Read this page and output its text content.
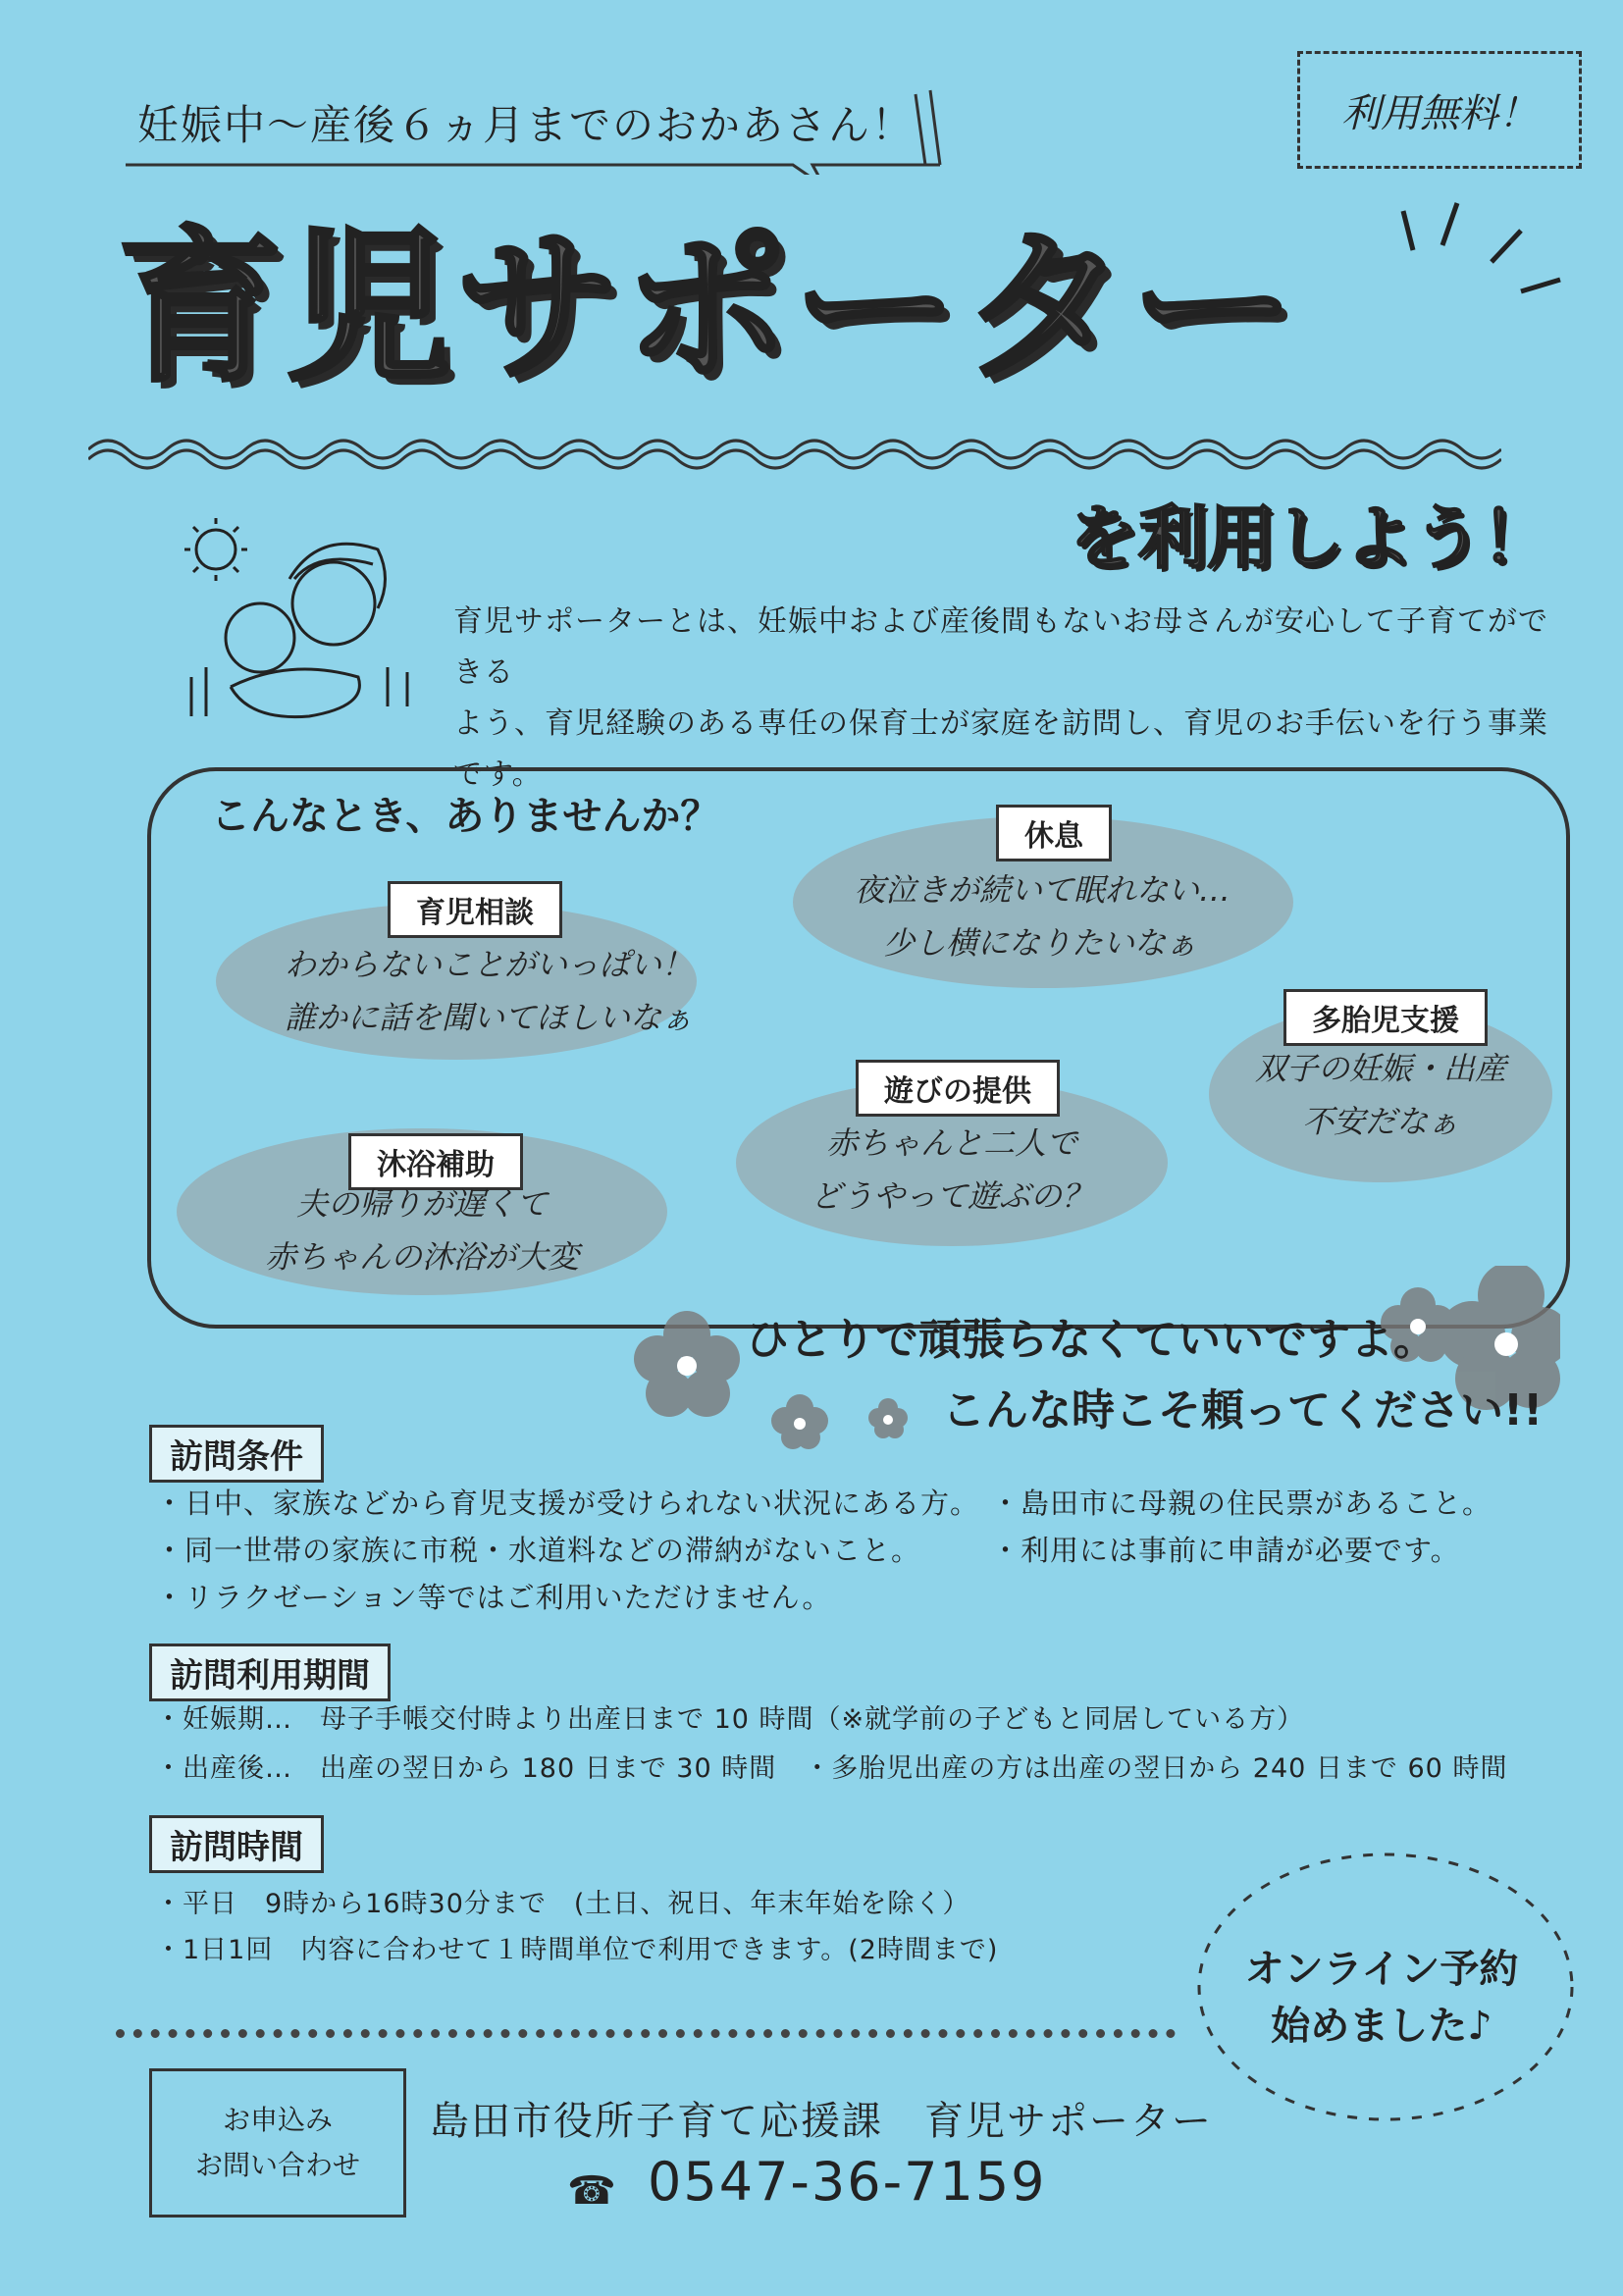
妊娠中〜産後６ヵ月までのおかあさん！	利用無料！
育児サポーター
を利用しよう！
育児サポーターとは、妊娠中および産後間もないお母さんが安心して子育てができる
よう、育児経験のある専任の保育士が家庭を訪問し、育児のお手伝いを行う事業です。
こんなとき、ありませんか？
育児相談
休息
多胎児支援
遊びの提供
沐浴補助
わからないことがいっぱい！
誰かに話を聞いてほしいなぁ
夜泣きが続いて眠れない…
少し横になりたいなぁ
双子の妊娠・出産
不安だなぁ
赤ちゃんと二人で
どうやって遊ぶの？
夫の帰りが遅くて
赤ちゃんの沐浴が大変
ひとりで頑張らなくていいですよ。
こんな時こそ頼ってください!!
訪問条件
・日中、家族などから育児支援が受けられない状況にある方。 ・島田市に母親の住民票があること。
・同一世帯の家族に市税・水道料などの滞納がないこと。 ・利用には事前に申請が必要です。
・リラクゼーション等ではご利用いただけません。
訪問利用期間
・妊娠期…　母子手帳交付時より出産日まで 10 時間（※就学前の子どもと同居している方）
・出産後…　出産の翌日から 180 日まで 30 時間　・多胎児出産の方は出産の翌日から 240 日まで 60 時間
訪問時間
・平日　9時から16時30分まで　(土日、祝日、年末年始を除く）
・1日1回　内容に合わせて１時間単位で利用できます。(2時間まで)	オンライン予約
始めました♪
お申込み
お問い合わせ
島田市役所子育て応援課　育児サポーター
☎ 0547-36-7159
